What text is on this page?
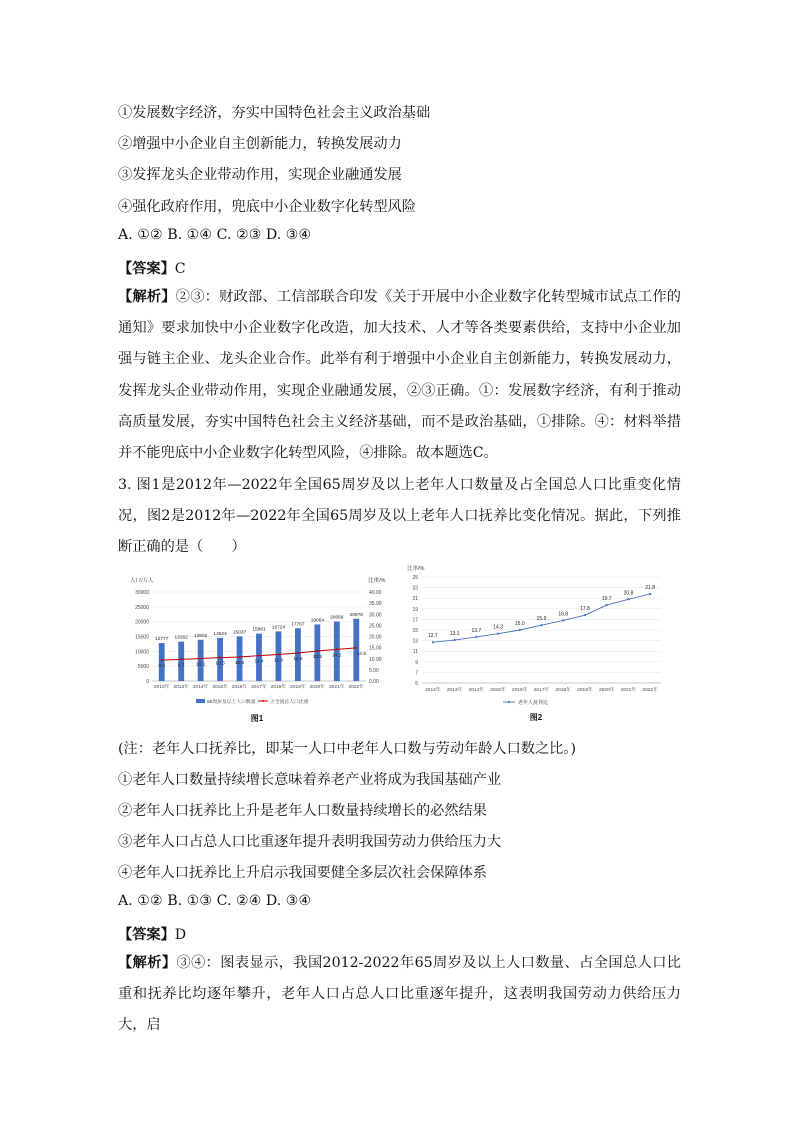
①发展数字经济，夯实中国特色社会主义政治基础
②增强中小企业自主创新能力，转换发展动力
③发挥龙头企业带动作用，实现企业融通发展
④强化政府作用，兜底中小企业数字化转型风险
A. ①② B. ①④ C. ②③ D. ③④
【答案】C
【解析】②③：财政部、工信部联合印发《关于开展中小企业数字化转型城市试点工作的通知》要求加快中小企业数字化改造，加大技术、人才等各类要素供给，支持中小企业加强与链主企业、龙头企业合作。此举有利于增强中小企业自主创新能力，转换发展动力，发挥龙头企业带动作用，实现企业融通发展，②③正确。①：发展数字经济，有利于推动高质量发展，夯实中国特色社会主义经济基础，而不是政治基础，①排除。④：材料举措并不能兜底中小企业数字化转型风险，④排除。故本题选C。
3. 图1是2012年—2022年全国65周岁及以上老年人口数量及占全国总人口比重变化情况，图2是2012年—2022年全国65周岁及以上老年人口抚养比变化情况。据此，下列推断正确的是（　　）
人口/万人	比重/%
0
5000
10000
15000
20000
25000
30000
0.00
5.00
10.00
15.00
20.00
25.00
30.00
35.00
40.00
12777
2012年
13262
2013年
13902
2014年
14524
2015年
15037
2016年
15961
2017年
16724
2018年
17767
2019年
19064
2020年
20056
2021年
20978
2022年
9.4	9.7 10.1 10.5 10.8 11.4 11.9 12.6 13.5 14.2	14.9
65周岁及以上人口数量	占全国总人口比重
图1
比率/%
5
7
9
11
13
15
17
19
21
23
25
2012年 2013年 2014年 2015年 2016年 2017年 2018年 2019年 2020年 2021年 2022年
12.7 13.1
13.7
14.3
15.0
15.9
16.8
17.8
19.7
20.8
21.8
老年人抚养比
图2
(注：老年人口抚养比，即某一人口中老年人口数与劳动年龄人口数之比。)
①老年人口数量持续增长意味着养老产业将成为我国基础产业
②老年人口抚养比上升是老年人口数量持续增长的必然结果
③老年人口占总人口比重逐年提升表明我国劳动力供给压力大
④老年人口抚养比上升启示我国要健全多层次社会保障体系
A. ①② B. ①③ C. ②④ D. ③④
【答案】D
【解析】③④：图表显示，我国2012-2022年65周岁及以上人口数量、占全国总人口比重和抚养比均逐年攀升，老年人口占总人口比重逐年提升，这表明我国劳动力供给压力大，启
